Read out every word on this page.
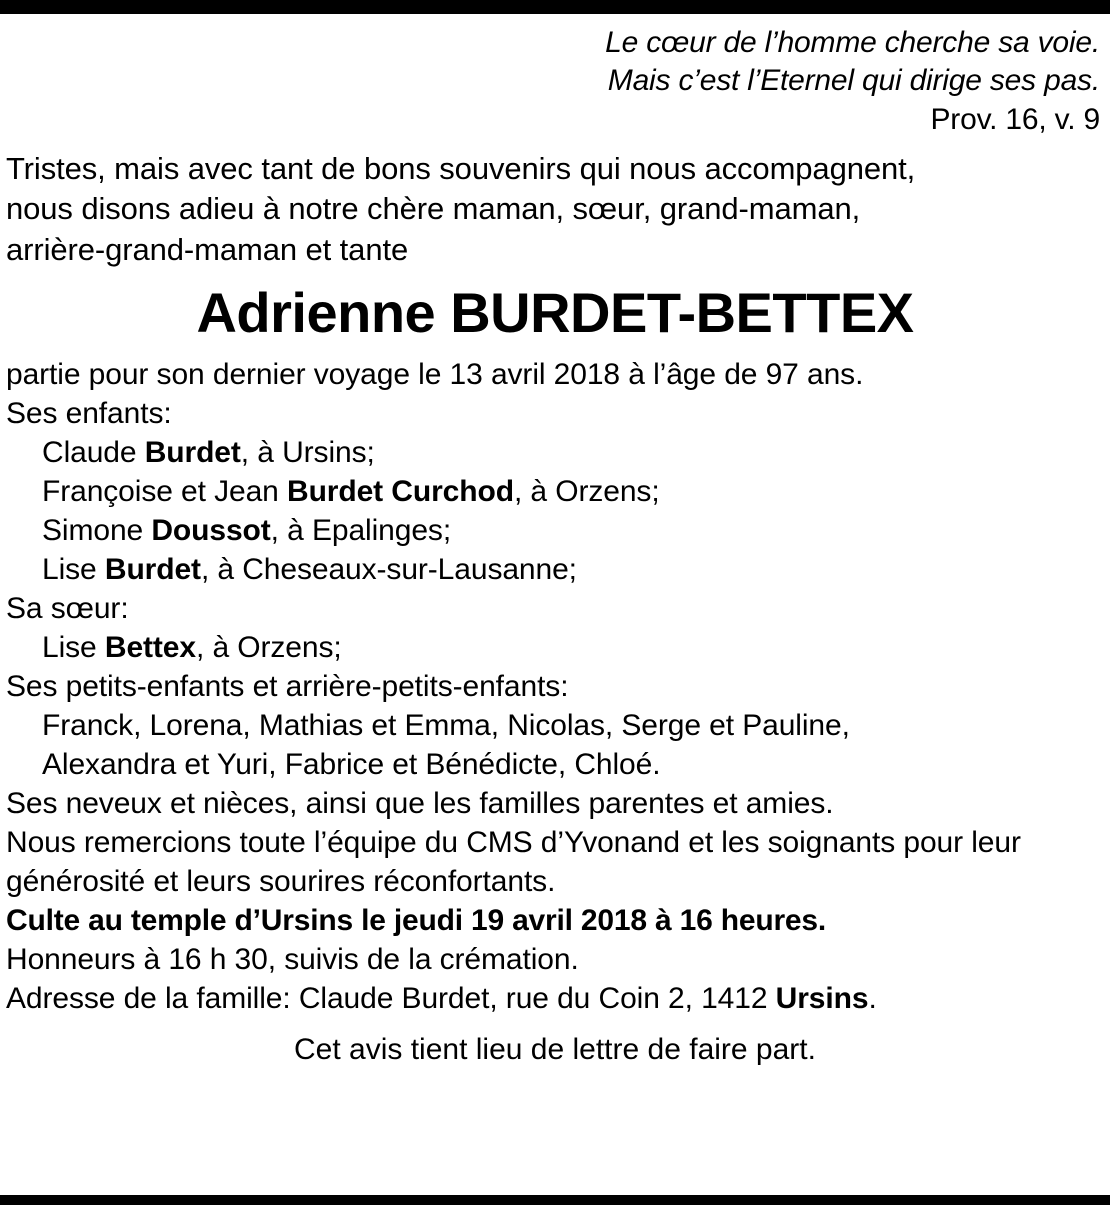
Le cœur de l’homme cherche sa voie.
Mais c’est l’Eternel qui dirige ses pas.
Prov. 16, v. 9
Tristes, mais avec tant de bons souvenirs qui nous accompagnent,
nous disons adieu à notre chère maman, sœur, grand-maman,
arrière-grand-maman et tante
Adrienne BURDET-BETTEX
partie pour son dernier voyage le 13 avril 2018 à l’âge de 97 ans.
Ses enfants:
Claude Burdet, à Ursins;
Françoise et Jean Burdet Curchod, à Orzens;
Simone Doussot, à Epalinges;
Lise Burdet, à Cheseaux-sur-Lausanne;
Sa sœur:
Lise Bettex, à Orzens;
Ses petits-enfants et arrière-petits-enfants:
Franck, Lorena, Mathias et Emma, Nicolas, Serge et Pauline,
Alexandra et Yuri, Fabrice et Bénédicte, Chloé.
Ses neveux et nièces, ainsi que les familles parentes et amies.
Nous remercions toute l’équipe du CMS d’Yvonand et les soignants pour leur
générosité et leurs sourires réconfortants.
Culte au temple d’Ursins le jeudi 19 avril 2018 à 16 heures.
Honneurs à 16 h 30, suivis de la crémation.
Adresse de la famille: Claude Burdet, rue du Coin 2, 1412 Ursins.
Cet avis tient lieu de lettre de faire part.
